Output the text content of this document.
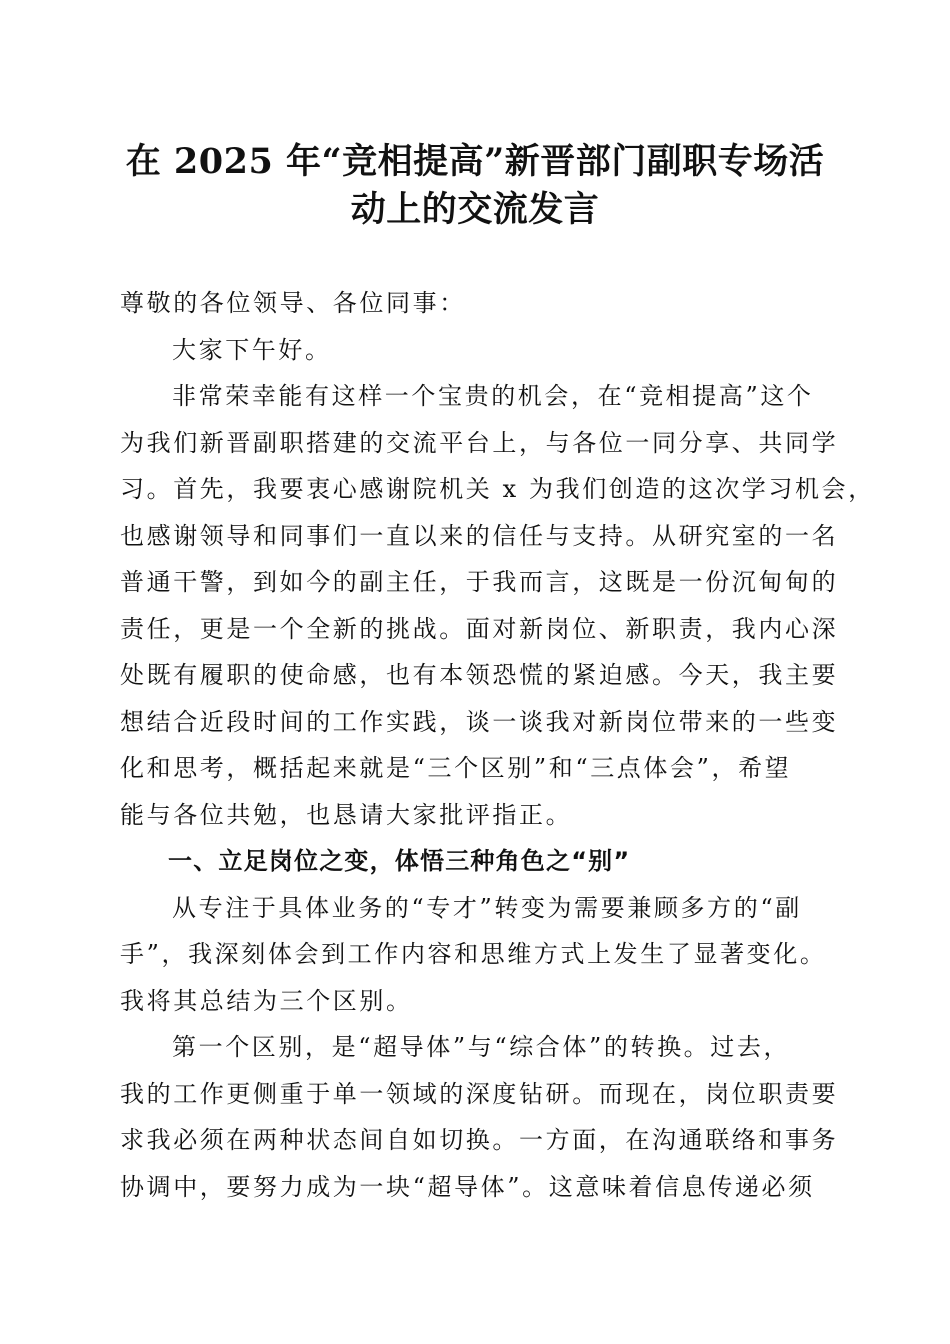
在 2025 年“竞相提高”新晋部门副职专场活
动上的交流发言
尊敬的各位领导、各位同事：
大家下午好。
非常荣幸能有这样一个宝贵的机会，在“竞相提高”这个
为我们新晋副职搭建的交流平台上，与各位一同分享、共同学
习。首先，我要衷心感谢院机关 x 为我们创造的这次学习机会，
也感谢领导和同事们一直以来的信任与支持。从研究室的一名
普通干警，到如今的副主任，于我而言，这既是一份沉甸甸的
责任，更是一个全新的挑战。面对新岗位、新职责，我内心深
处既有履职的使命感，也有本领恐慌的紧迫感。今天，我主要
想结合近段时间的工作实践，谈一谈我对新岗位带来的一些变
化和思考，概括起来就是“三个区别”和“三点体会”，希望
能与各位共勉，也恳请大家批评指正。
一、立足岗位之变，体悟三种角色之“别”
从专注于具体业务的“专才”转变为需要兼顾多方的“副
手”，我深刻体会到工作内容和思维方式上发生了显著变化。
我将其总结为三个区别。
第一个区别，是“超导体”与“综合体”的转换。过去，
我的工作更侧重于单一领域的深度钻研。而现在，岗位职责要
求我必须在两种状态间自如切换。一方面，在沟通联络和事务
协调中，要努力成为一块“超导体”。这意味着信息传递必须
